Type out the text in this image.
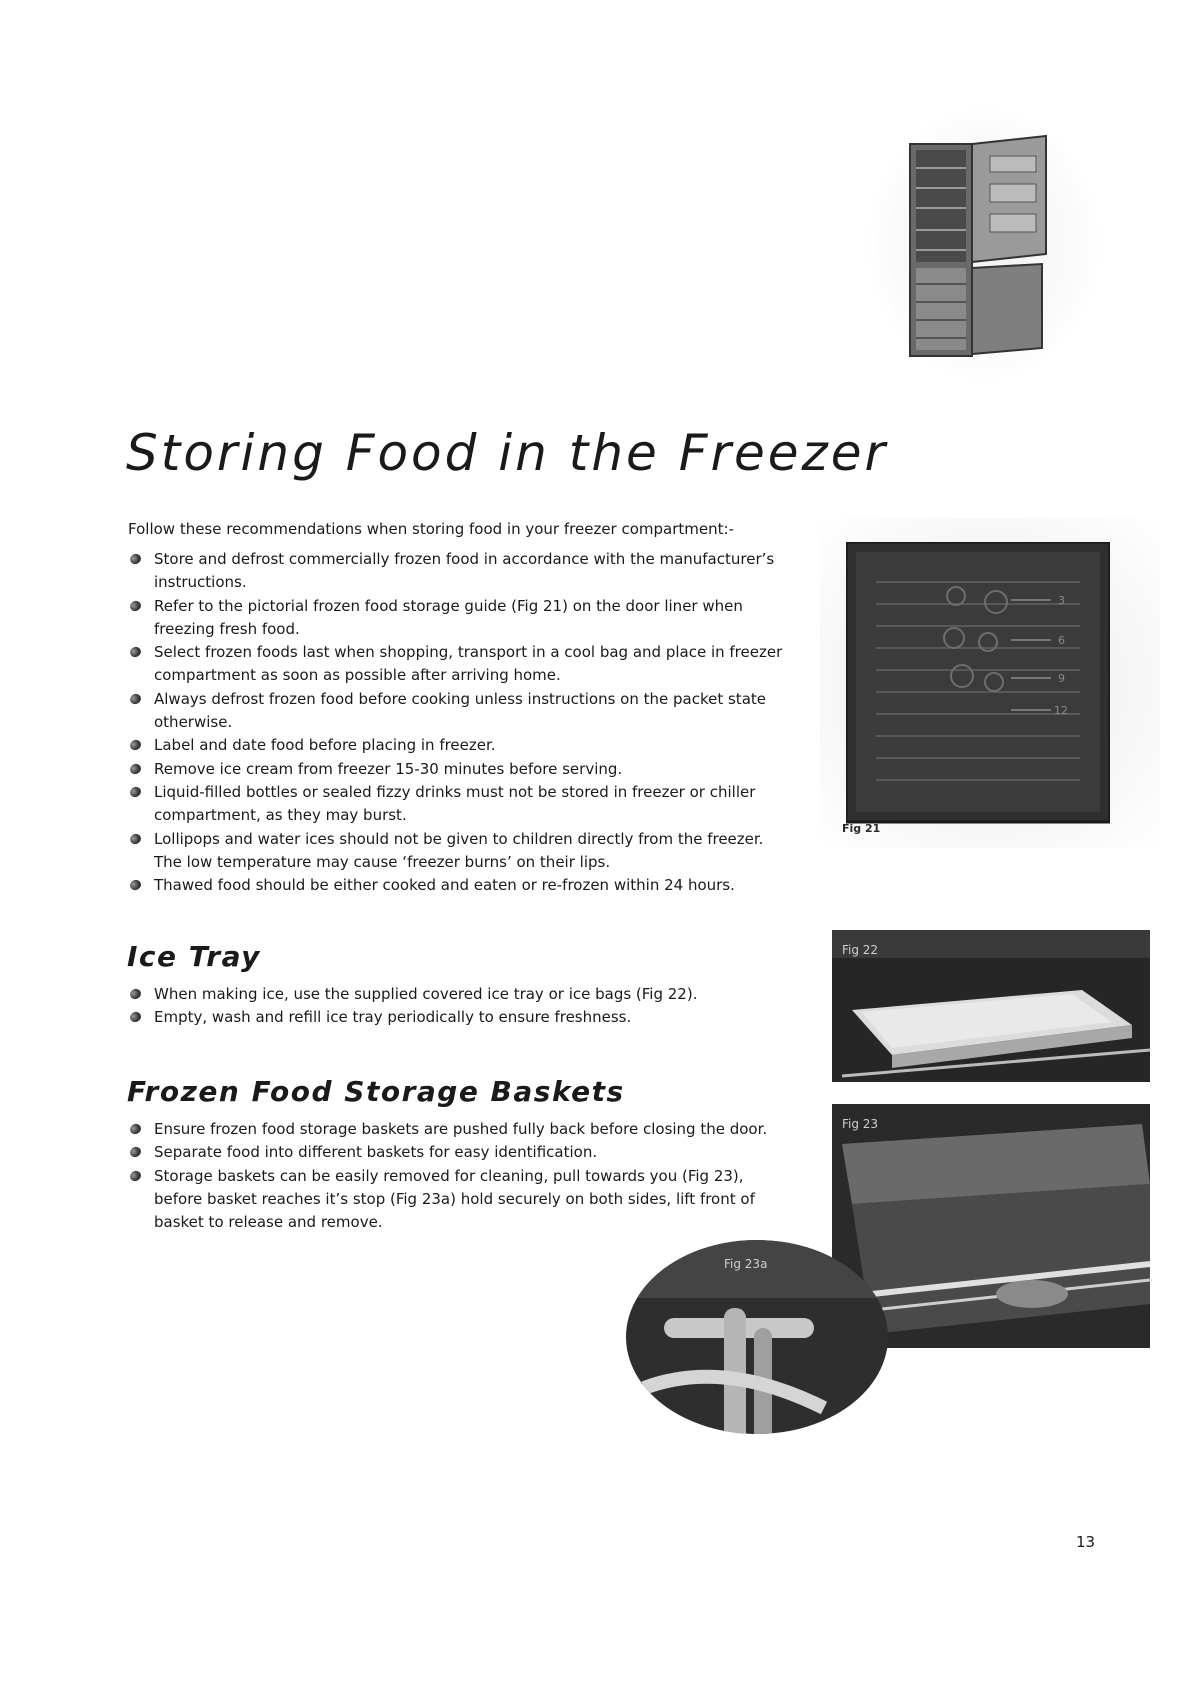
Storing Food in the Freezer

Follow these recommendations when storing food in your freezer compartment:-

Store and defrost commercially frozen food in accordance with the manufacturer’s instructions.
Refer to the pictorial frozen food storage guide (Fig 21) on the door liner when freezing fresh food.
Select frozen foods last when shopping, transport in a cool bag and place in freezer compartment as soon as possible after arriving home.
Always defrost frozen food before cooking unless instructions on the packet state otherwise.
Label and date food before placing in freezer.
Remove ice cream from freezer 15-30 minutes before serving.
Liquid-filled bottles or sealed fizzy drinks must not be stored in freezer or chiller compartment, as they may burst.
Lollipops and water ices should not be given to children directly from the freezer. The low temperature may cause ‘freezer burns’ on their lips.
Thawed food should be either cooked and eaten or re-frozen within 24 hours.
3
6
9
12
Fig 21
Ice Tray
When making ice, use the supplied covered ice tray or ice bags (Fig 22).
Empty, wash and refill ice tray periodically to ensure freshness.
Fig 22
Frozen Food Storage Baskets
Ensure frozen food storage baskets are pushed fully back before closing the door.
Separate food into different baskets for easy identification.
Storage baskets can be easily removed for cleaning, pull towards you (Fig 23), before basket reaches it’s stop (Fig 23a) hold securely on both sides, lift front of basket to release and remove.
Fig 23
Fig 23a

13
